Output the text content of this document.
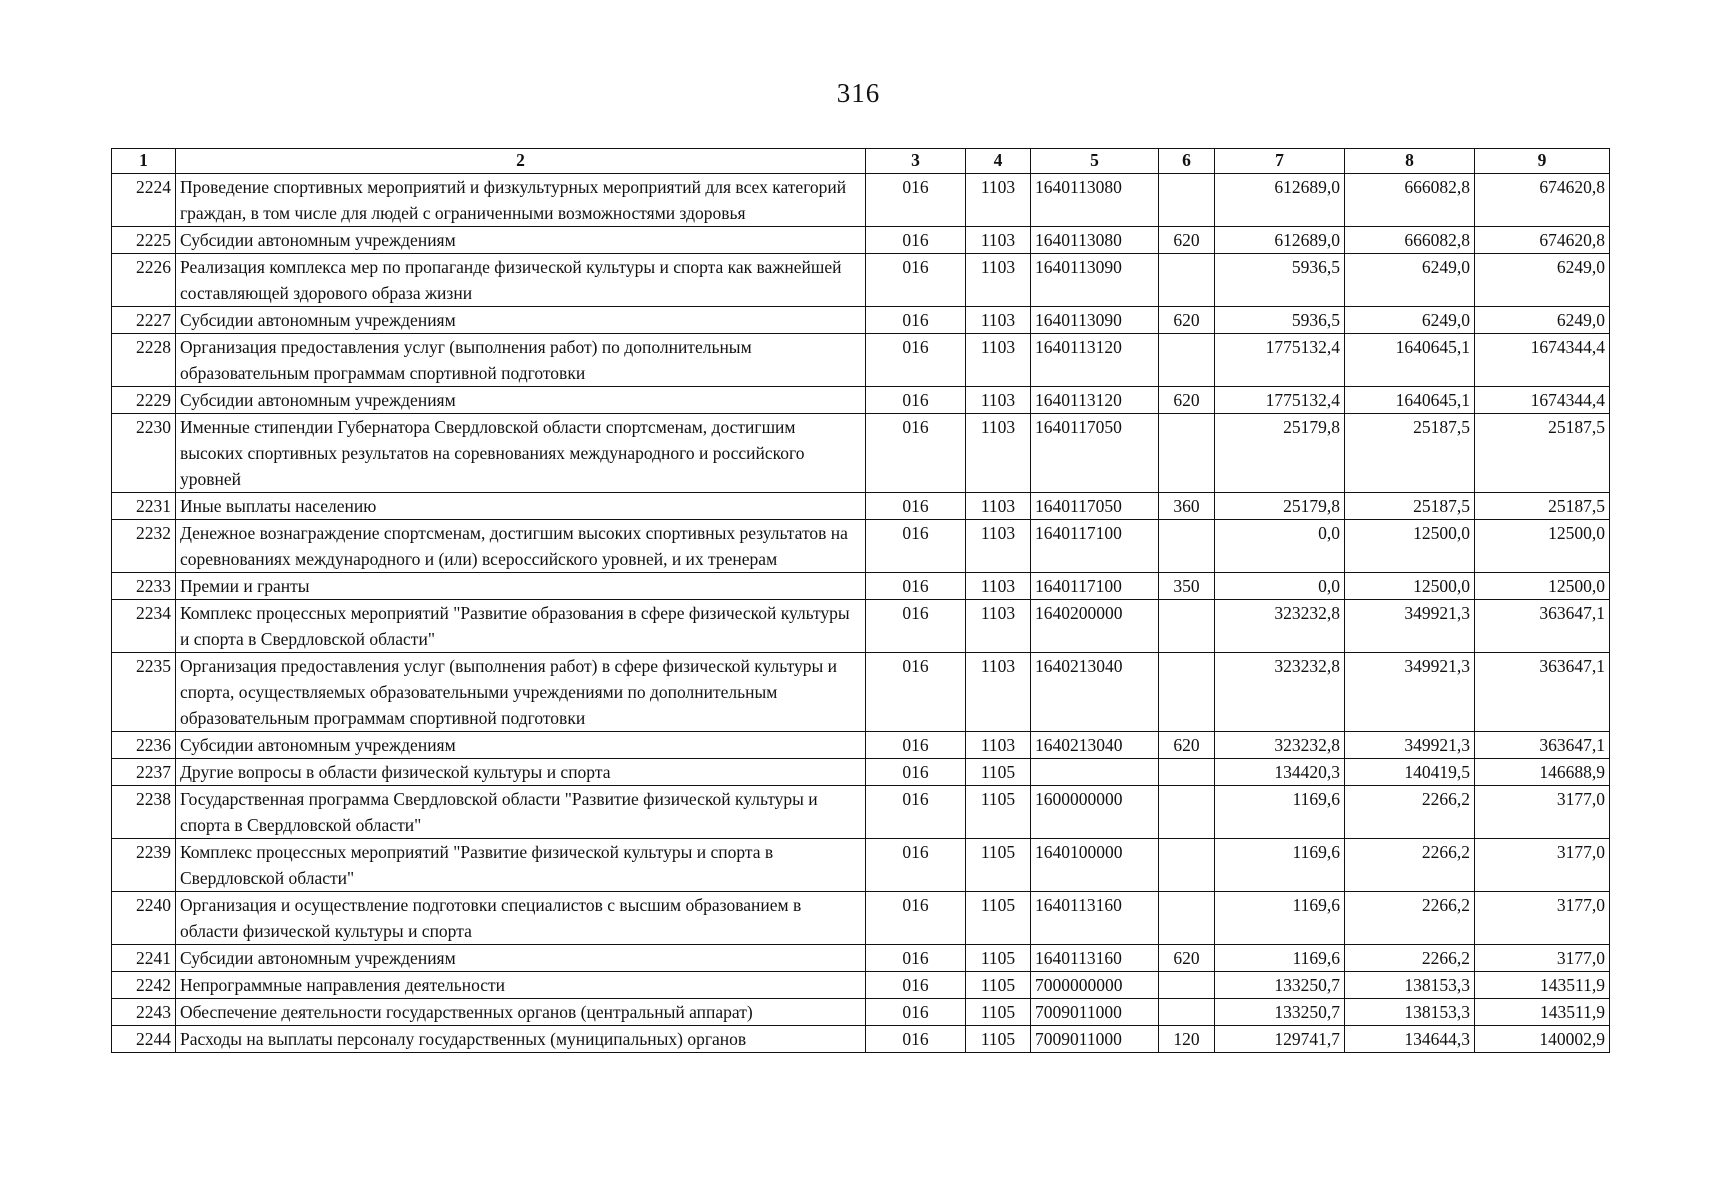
316
1	2	3	4	5	6	7	8	9
2224	Проведение спортивных мероприятий и физкультурных мероприятий для всех категорий граждан, в том числе для людей с ограниченными возможностями здоровья	016	1103	1640113080		612689,0	666082,8	674620,8
2225	Субсидии автономным учреждениям	016	1103	1640113080	620	612689,0	666082,8	674620,8
2226	Реализация комплекса мер по пропаганде физической культуры и спорта как важнейшей составляющей здорового образа жизни	016	1103	1640113090		5936,5	6249,0	6249,0
2227	Субсидии автономным учреждениям	016	1103	1640113090	620	5936,5	6249,0	6249,0
2228	Организация предоставления услуг (выполнения работ) по дополнительным образовательным программам спортивной подготовки	016	1103	1640113120		1775132,4	1640645,1	1674344,4
2229	Субсидии автономным учреждениям	016	1103	1640113120	620	1775132,4	1640645,1	1674344,4
2230	Именные стипендии Губернатора Свердловской области спортсменам, достигшим высоких спортивных результатов на соревнованиях международного и российского уровней	016	1103	1640117050		25179,8	25187,5	25187,5
2231	Иные выплаты населению	016	1103	1640117050	360	25179,8	25187,5	25187,5
2232	Денежное вознаграждение спортсменам, достигшим высоких спортивных результатов на соревнованиях международного и (или) всероссийского уровней, и их тренерам	016	1103	1640117100		0,0	12500,0	12500,0
2233	Премии и гранты	016	1103	1640117100	350	0,0	12500,0	12500,0
2234	Комплекс процессных мероприятий "Развитие образования в сфере физической культуры и спорта в Свердловской области"	016	1103	1640200000		323232,8	349921,3	363647,1
2235	Организация предоставления услуг (выполнения работ) в сфере физической культуры и спорта, осуществляемых образовательными учреждениями по дополнительным образовательным программам спортивной подготовки	016	1103	1640213040		323232,8	349921,3	363647,1
2236	Субсидии автономным учреждениям	016	1103	1640213040	620	323232,8	349921,3	363647,1
2237	Другие вопросы в области физической культуры и спорта	016	1105			134420,3	140419,5	146688,9
2238	Государственная программа Свердловской области "Развитие физической культуры и спорта в Свердловской области"	016	1105	1600000000		1169,6	2266,2	3177,0
2239	Комплекс процессных мероприятий "Развитие физической культуры и спорта в Свердловской области"	016	1105	1640100000		1169,6	2266,2	3177,0
2240	Организация и осуществление подготовки специалистов с высшим образованием в области физической культуры и спорта	016	1105	1640113160		1169,6	2266,2	3177,0
2241	Субсидии автономным учреждениям	016	1105	1640113160	620	1169,6	2266,2	3177,0
2242	Непрограммные направления деятельности	016	1105	7000000000		133250,7	138153,3	143511,9
2243	Обеспечение деятельности государственных органов (центральный аппарат)	016	1105	7009011000		133250,7	138153,3	143511,9
2244	Расходы на выплаты персоналу государственных (муниципальных) органов	016	1105	7009011000	120	129741,7	134644,3	140002,9
